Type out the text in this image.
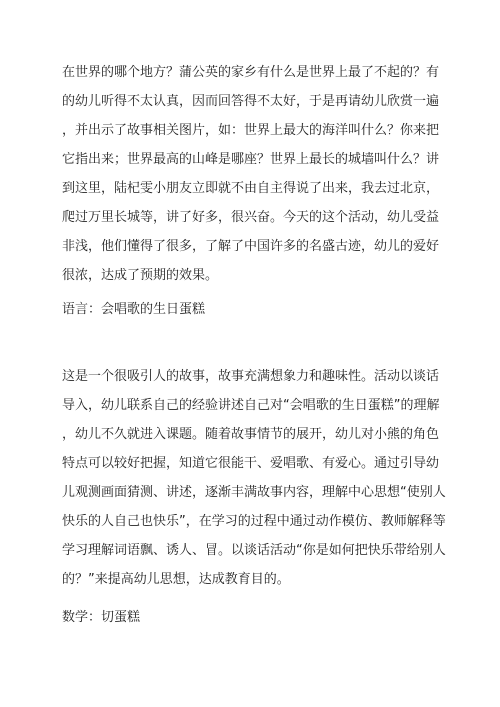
在世界的哪个地方？蒲公英的家乡有什么是世界上最了不起的？有
的幼儿听得不太认真，因而回答得不太好，于是再请幼儿欣赏一遍
，并出示了故事相关图片，如：世界上最大的海洋叫什么？你来把
它指出来；世界最高的山峰是哪座？世界上最长的城墙叫什么？讲
到这里，陆杞雯小朋友立即就不由自主得说了出来，我去过北京，
爬过万里长城等，讲了好多，很兴奋。今天的这个活动，幼儿受益
非浅，他们懂得了很多，了解了中国许多的名盛古迹，幼儿的爱好
很浓，达成了预期的效果。
语言：会唱歌的生日蛋糕
这是一个很吸引人的故事，故事充满想象力和趣味性。活动以谈话
导入，幼儿联系自己的经验讲述自己对“会唱歌的生日蛋糕”的理解
，幼儿不久就进入课题。随着故事情节的展开，幼儿对小熊的角色
特点可以较好把握，知道它很能干、爱唱歌、有爱心。通过引导幼
儿观测画面猜测、讲述，逐渐丰满故事内容，理解中心思想“使别人
快乐的人自己也快乐”，在学习的过程中通过动作模仿、教师解释等
学习理解词语飘、诱人、冒。以谈话活动“你是如何把快乐带给别人
的？”来提高幼儿思想，达成教育目的。
数学：切蛋糕
